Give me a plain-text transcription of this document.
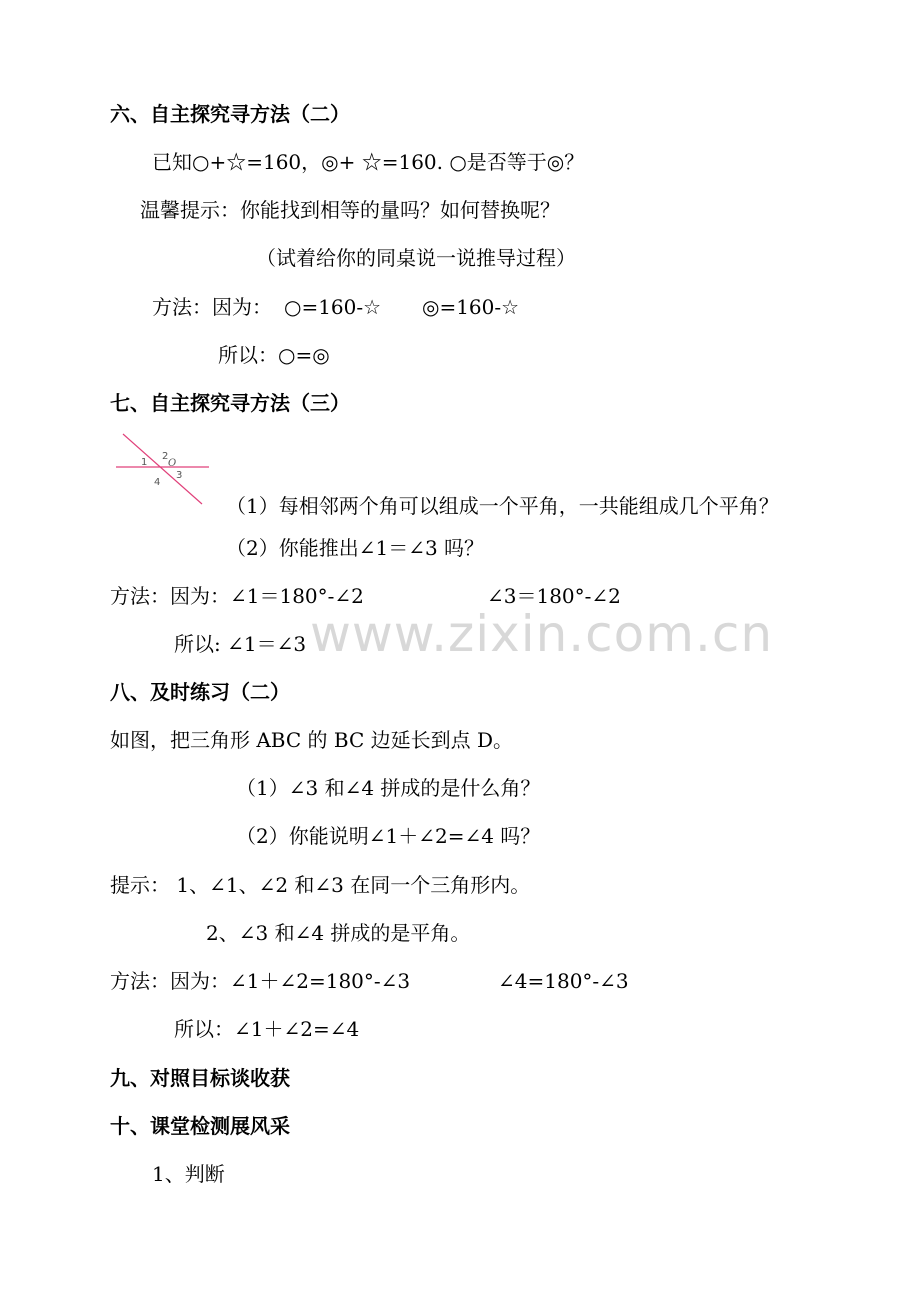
www.zixin.com.cn
六、自主探究寻方法（二）
已知○+☆=160，◎+ ☆=160. ○是否等于◎？
温馨提示：你能找到相等的量吗？如何替换呢？
（试着给你的同桌说一说推导过程）
方法：因为： ○=160-☆ ◎=160-☆
所以：○=◎
七、自主探究寻方法（三）
1
2
O
3
4
（1）每相邻两个角可以组成一个平角，一共能组成几个平角？
（2）你能推出∠1＝∠3 吗？
方法：因为：∠1＝180°-∠2	∠3＝180°-∠2
所以: ∠1＝∠3
八、及时练习（二）
如图，把三角形 ABC 的 BC 边延长到点 D。
（1）∠3 和∠4 拼成的是什么角？
（2）你能说明∠1＋∠2=∠4 吗？
提示： 1、∠1、∠2 和∠3 在同一个三角形内。
2、∠3 和∠4 拼成的是平角。
方法：因为：∠1＋∠2=180°-∠3	∠4=180°-∠3
所以：∠1＋∠2=∠4
九、对照目标谈收获
十、课堂检测展风采
1、判断
